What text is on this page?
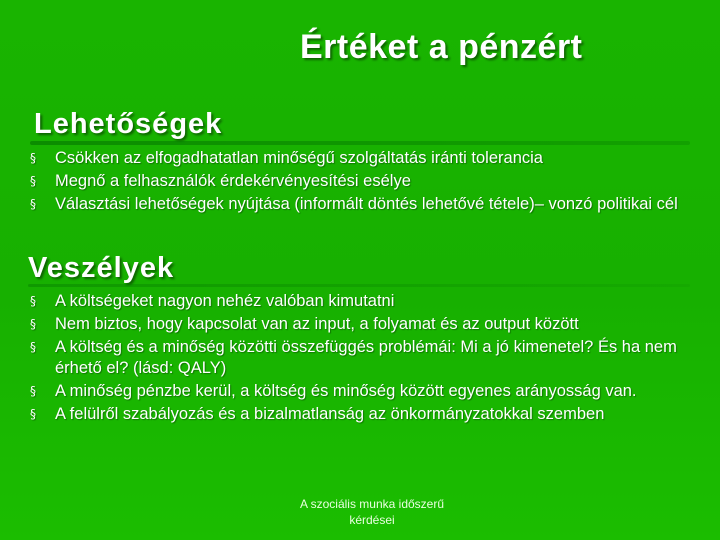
Értéket a pénzért
Lehetőségek
§ Csökken az elfogadhatatlan minőségű szolgáltatás iránti tolerancia
§ Megnő a felhasználók érdekérvényesítési esélye
§ Választási lehetőségek nyújtása (informált döntés lehetővé tétele)– vonzó politikai cél
Veszélyek
§ A költségeket nagyon nehéz valóban kimutatni
§ Nem biztos, hogy kapcsolat van az input, a folyamat és az output között
§ A költség és a minőség közötti összefüggés problémái: Mi a jó kimenetel? És ha nem érhető el? (lásd: QALY)
§ A minőség pénzbe kerül, a költség és minőség között egyenes arányosság van.
§ A felülről szabályozás és a bizalmatlanság az önkormányzatokkal szemben
A szociális munka időszerű kérdései
